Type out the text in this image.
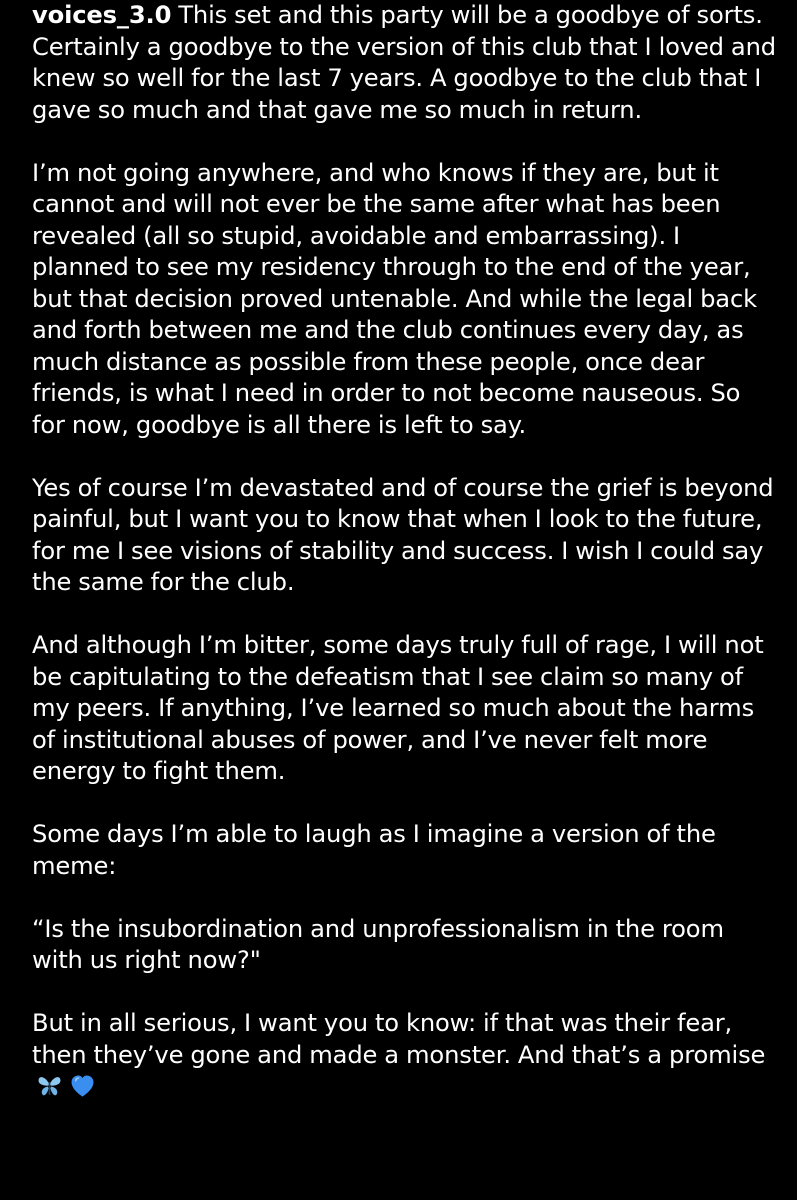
voices_3.0 This set and this party will be a goodbye of sorts. Certainly a goodbye to the version of this club that I loved and knew so well for the last 7 years. A goodbye to the club that I gave so much and that gave me so much in return.

I’m not going anywhere, and who knows if they are, but it cannot and will not ever be the same after what has been revealed (all so stupid, avoidable and embarrassing). I planned to see my residency through to the end of the year, but that decision proved untenable. And while the legal back and forth between me and the club continues every day, as much distance as possible from these people, once dear friends, is what I need in order to not become nauseous. So for now, goodbye is all there is left to say.

Yes of course I’m devastated and of course the grief is beyond painful, but I want you to know that when I look to the future, for me I see visions of stability and success. I wish I could say the same for the club.

And although I’m bitter, some days truly full of rage, I will not be capitulating to the defeatism that I see claim so many of my peers. If anything, I’ve learned so much about the harms of institutional abuses of power, and I’ve never felt more energy to fight them.

Some days I’m able to laugh as I imagine a version of the meme:

“Is the insubordination and unprofessionalism in the room with us right now?"

But in all serious, I want you to know: if that was their fear, then they’ve gone and made a monster. And that’s a promise
